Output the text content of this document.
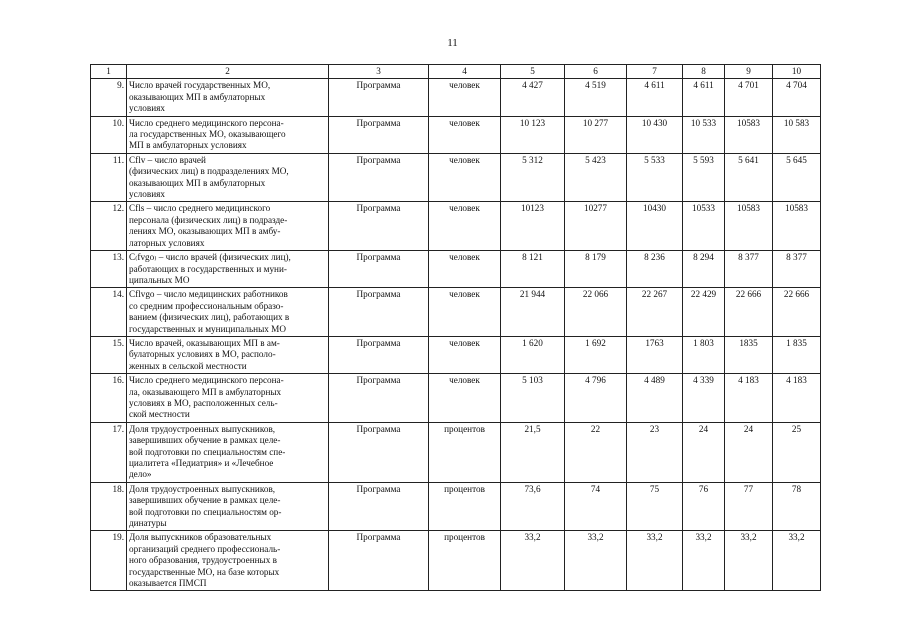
11
1	2	3	4	5	6	7	8	9	10
9.	Число врачей государственных МО,
оказывающих МП в амбулаторных
условиях	Программа	человек	4 427	4 519	4 611	4 611	4 701	4 704
10.	Число среднего медицинского персона-
ла государственных МО, оказывающего
МП в амбулаторных условиях	Программа	человек	10 123	10 277	10 430	10 533	10583	10 583
11.	Cflv – число врачей
(физических лиц) в подразделениях МО,
оказывающих МП в амбулаторных
условиях	Программа	человек	5 312	5 423	5 533	5 593	5 641	5 645
12.	Cfls – число среднего медицинского
персонала (физических лиц) в подразде-
лениях МО, оказывающих МП в амбу-
латорных условиях	Программа	человек	10123	10277	10430	10533	10583	10583
13.	C₍fvgo₎ – число врачей (физических лиц),
работающих в государственных и муни-
ципальных МО	Программа	человек	8 121	8 179	8 236	8 294	8 377	8 377
14.	Cflvgo – число медицинских работников
со средним профессиональным образо-
ванием (физических лиц), работающих в
государственных и муниципальных МО	Программа	человек	21 944	22 066	22 267	22 429	22 666	22 666
15.	Число врачей, оказывающих МП в ам-
булаторных условиях в МО, располо-
женных в сельской местности	Программа	человек	1 620	1 692	1763	1 803	1835	1 835
16.	Число среднего медицинского персона-
ла, оказывающего МП в амбулаторных
условиях в МО, расположенных сель-
ской местности	Программа	человек	5 103	4 796	4 489	4 339	4 183	4 183
17.	Доля трудоустроенных выпускников,
завершивших обучение в рамках целе-
вой подготовки по специальностям спе-
циалитета «Педиатрия» и «Лечебное
дело»	Программа	процентов	21,5	22	23	24	24	25
18.	Доля трудоустроенных выпускников,
завершивших обучение в рамках целе-
вой подготовки по специальностям ор-
динатуры	Программа	процентов	73,6	74	75	76	77	78
19.	Доля выпускников образовательных
организаций среднего профессиональ-
ного образования, трудоустроенных в
государственные МО, на базе которых
оказывается ПМСП	Программа	процентов	33,2	33,2	33,2	33,2	33,2	33,2
